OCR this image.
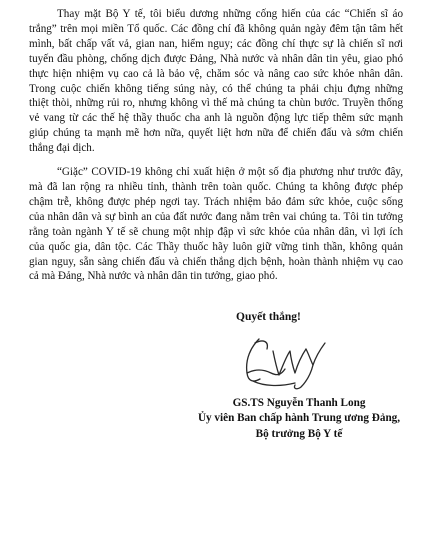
Thay mặt Bộ Y tế, tôi biểu dương những cống hiến của các “Chiến sĩ áo
trắng” trên mọi miền Tổ quốc. Các đồng chí đã không quản ngày đêm tận tâm hết
mình, bất chấp vất vả, gian nan, hiểm nguy; các đồng chí thực sự là chiến sĩ nơi
tuyến đầu phòng, chống dịch được Đảng, Nhà nước và nhân dân tin yêu, giao phó
thực hiện nhiệm vụ cao cả là bảo vệ, chăm sóc và nâng cao sức khỏe nhân dân.
Trong cuộc chiến không tiếng súng này, có thể chúng ta phải chịu đựng những
thiệt thòi, những rủi ro, nhưng không vì thế mà chúng ta chùn bước. Truyền thống
vẻ vang từ các thế hệ thầy thuốc cha anh là nguồn động lực tiếp thêm sức mạnh
giúp chúng ta mạnh mẽ hơn nữa, quyết liệt hơn nữa để chiến đấu và sớm chiến
thắng đại dịch.

“Giặc” COVID-19 không chỉ xuất hiện ở một số địa phương như trước đây,
mà đã lan rộng ra nhiều tỉnh, thành trên toàn quốc. Chúng ta không được phép
chậm trễ, không được phép ngơi tay. Trách nhiệm bảo đảm sức khỏe, cuộc sống
của nhân dân và sự bình an của đất nước đang nằm trên vai chúng ta. Tôi tin tưởng
rằng toàn ngành Y tế sẽ chung một nhịp đập vì sức khỏe của nhân dân, vì lợi ích
của quốc gia, dân tộc. Các Thầy thuốc hãy luôn giữ vững tinh thần, không quản
gian nguy, sẵn sàng chiến đấu và chiến thắng dịch bệnh, hoàn thành nhiệm vụ cao
cả mà Đảng, Nhà nước và nhân dân tin tưởng, giao phó.

Quyết thắng!
GS.TS Nguyễn Thanh Long
Ủy viên Ban chấp hành Trung ương Đảng,
Bộ trưởng Bộ Y tế
